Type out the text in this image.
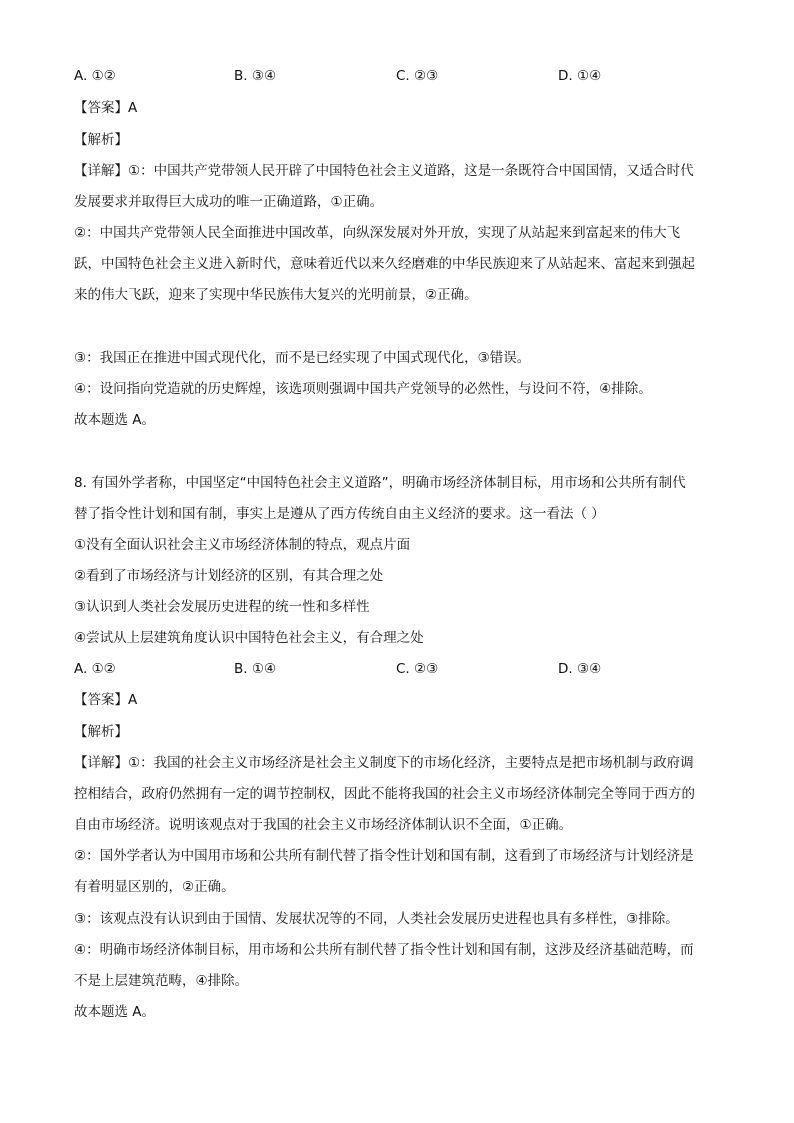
A. ①②	B. ③④	C. ②③	D. ①④
【答案】A
【解析】
【详解】①：中国共产党带领人民开辟了中国特色社会主义道路，这是一条既符合中国国情，又适合时代
发展要求并取得巨大成功的唯一正确道路，①正确。
②：中国共产党带领人民全面推进中国改革，向纵深发展对外开放，实现了从站起来到富起来的伟大飞
跃，中国特色社会主义进入新时代，意味着近代以来久经磨难的中华民族迎来了从站起来、富起来到强起
来的伟大飞跃，迎来了实现中华民族伟大复兴的光明前景，②正确。
③：我国正在推进中国式现代化，而不是已经实现了中国式现代化，③错误。
④：设问指向党造就的历史辉煌，该选项则强调中国共产党领导的必然性，与设问不符，④排除。
故本题选 A。
8. 有国外学者称，中国坚定“中国特色社会主义道路”，明确市场经济体制目标，用市场和公共所有制代
替了指令性计划和国有制，事实上是遵从了西方传统自由主义经济的要求。这一看法（ ）
①没有全面认识社会主义市场经济体制的特点，观点片面
②看到了市场经济与计划经济的区别，有其合理之处
③认识到人类社会发展历史进程的统一性和多样性
④尝试从上层建筑角度认识中国特色社会主义，有合理之处
A. ①②	B. ①④	C. ②③	D. ③④
【答案】A
【解析】
【详解】①：我国的社会主义市场经济是社会主义制度下的市场化经济，主要特点是把市场机制与政府调
控相结合，政府仍然拥有一定的调节控制权，因此不能将我国的社会主义市场经济体制完全等同于西方的
自由市场经济。说明该观点对于我国的社会主义市场经济体制认识不全面，①正确。
②：国外学者认为中国用市场和公共所有制代替了指令性计划和国有制，这看到了市场经济与计划经济是
有着明显区别的，②正确。
③：该观点没有认识到由于国情、发展状况等的不同，人类社会发展历史进程也具有多样性，③排除。
④：明确市场经济体制目标，用市场和公共所有制代替了指令性计划和国有制，这涉及经济基础范畴，而
不是上层建筑范畴，④排除。
故本题选 A。
